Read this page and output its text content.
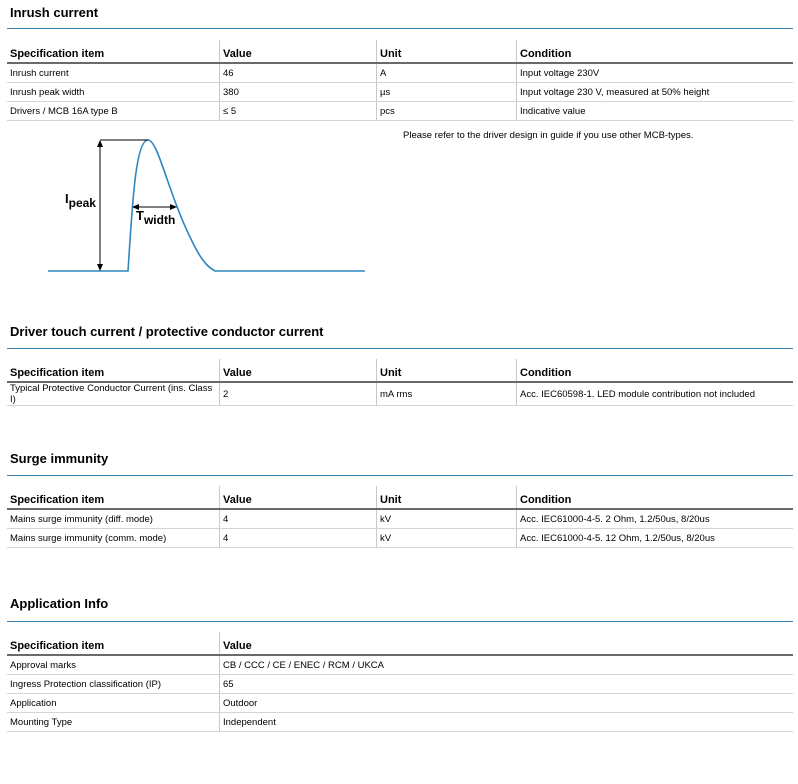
Inrush current
Specification item	Value	Unit	Condition
Inrush current	46	A	Input voltage 230V
Inrush peak width	380	µs	Input voltage 230 V, measured at 50% height
Drivers / MCB 16A type B	≤ 5	pcs	Indicative value
Please refer to the driver design in guide if you use other MCB-types.
Ipeak
Twidth
Driver touch current / protective conductor current
Specification item	Value	Unit	Condition
Typical Protective Conductor Current (ins. Class I)	2	mA rms	Acc. IEC60598-1. LED module contribution not included
Surge immunity
Specification item	Value	Unit	Condition
Mains surge immunity (diff. mode)	4	kV	Acc. IEC61000-4-5. 2 Ohm, 1.2/50us, 8/20us
Mains surge immunity (comm. mode)	4	kV	Acc. IEC61000-4-5. 12 Ohm, 1.2/50us, 8/20us
Application Info
Specification item	Value
Approval marks	CB / CCC / CE / ENEC / RCM / UKCA
Ingress Protection classification (IP)	65
Application	Outdoor
Mounting Type	Independent
